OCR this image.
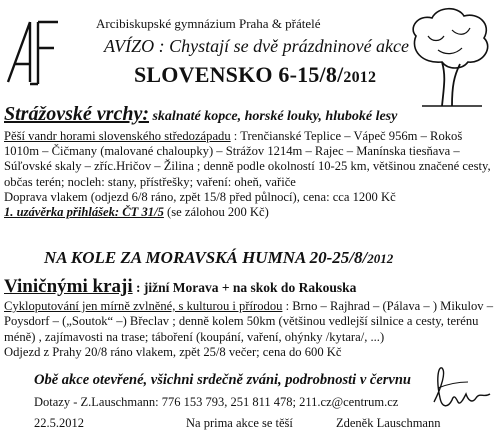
Arcibiskupské gymnázium Praha & přátelé
AVÍZO : Chystají se dvě prázdninové akce
SLOVENSKO 6-15/8/2012
Strážovské vrchy: skalnaté kopce, horské louky, hluboké lesy
Pěší vandr horami slovenského středozápadu : Trenčianské Teplice – Vápeč 956m – Rokoš 1010m – Čičmany (malované chaloupky) – Strážov 1214m – Rajec – Manínska tiesňava – Súľovské skaly – zříc.Hričov – Žilina ; denně podle okolností 10-25 km, většinou značené cesty, občas terén; nocleh: stany, přístřešky; vaření: oheň, vařiče
Doprava vlakem (odjezd 6/8 ráno, zpět 15/8 před půlnocí), cena: cca 1200 Kč
1. uzávěrka přihlášek: ČT 31/5 (se zálohou 200 Kč)
NA KOLE ZA MORAVSKÁ HUMNA 20-25/8/2012
Viničnými kraji : jižní Morava + na skok do Rakouska
Cykloputování jen mírně zvlněné, s kulturou i přírodou : Brno – Rajhrad – (Pálava – ) Mikulov – Poysdorf – („Soutok“ –) Břeclav ; denně kolem 50km (většinou vedlejší silnice a cesty, terénu méně) , zajímavosti na trase; táboření (koupání, vaření, ohýnky /kytara/, ...)
Odjezd z Prahy 20/8 ráno vlakem, zpět 25/8 večer; cena do 600 Kč
Obě akce otevřené, všichni srdečně zváni, podrobnosti v červnu
Dotazy - Z.Lauschmann: 776 153 793, 251 811 478; 211.cz@centrum.cz
22.5.2012	Na prima akce se těší	Zdeněk Lauschmann
